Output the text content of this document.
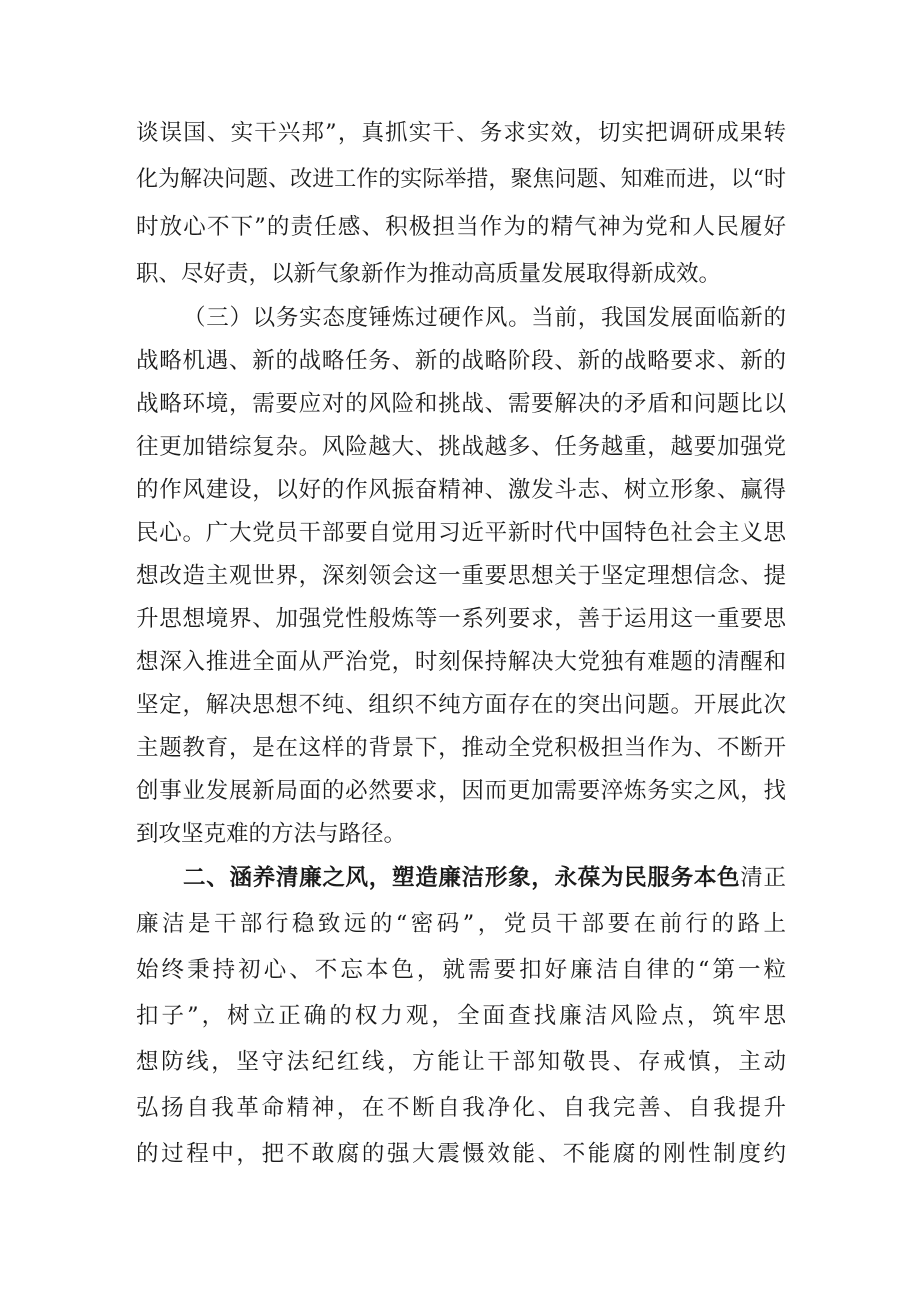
谈误国、实干兴邦”，真抓实干、务求实效，切实把调研成果转
化为解决问题、改进工作的实际举措，聚焦问题、知难而进，以“时
时放心不下”的责任感、积极担当作为的精气神为党和人民履好
职、尽好责，以新气象新作为推动高质量发展取得新成效。
（三）以务实态度锤炼过硬作风。当前，我国发展面临新的
战略机遇、新的战略任务、新的战略阶段、新的战略要求、新的
战略环境，需要应对的风险和挑战、需要解决的矛盾和问题比以
往更加错综复杂。风险越大、挑战越多、任务越重，越要加强党
的作风建设，以好的作风振奋精神、激发斗志、树立形象、赢得
民心。广大党员干部要自觉用习近平新时代中国特色社会主义思
想改造主观世界，深刻领会这一重要思想关于坚定理想信念、提
升思想境界、加强党性般炼等一系列要求，善于运用这一重要思
想深入推进全面从严治党，时刻保持解决大党独有难题的清醒和
坚定，解决思想不纯、组织不纯方面存在的突出问题。开展此次
主题教育，是在这样的背景下，推动全党积极担当作为、不断开
创事业发展新局面的必然要求，因而更加需要淬炼务实之风，找
到攻坚克难的方法与路径。
二、涵养清廉之风，塑造廉洁形象，永葆为民服务本色清正
廉洁是干部行稳致远的“密码”，党员干部要在前行的路上
始终秉持初心、不忘本色，就需要扣好廉洁自律的“第一粒
扣子”，树立正确的权力观，全面查找廉洁风险点，筑牢思
想防线，坚守法纪红线，方能让干部知敬畏、存戒慎，主动
弘扬自我革命精神，在不断自我净化、自我完善、自我提升
的过程中，把不敢腐的强大震慑效能、不能腐的刚性制度约
